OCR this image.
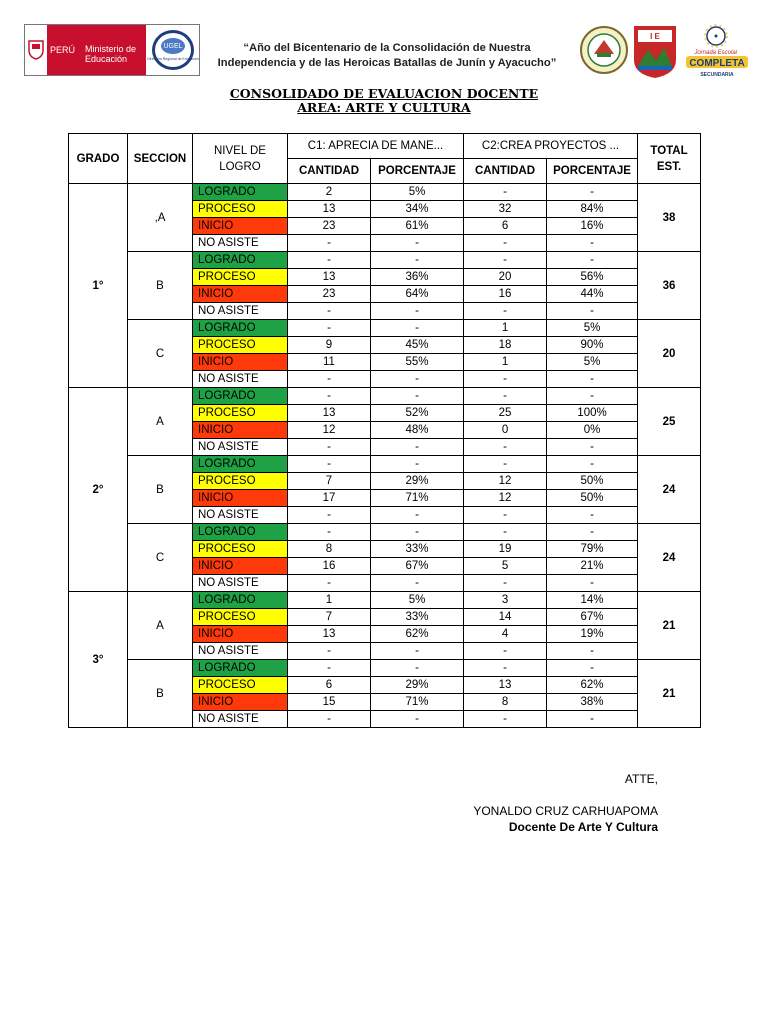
PERÚ	Ministerio de Educación
UGEL
Dirección Regional de Educación
“Año del Bicentenario de la Consolidación de Nuestra Independencia y de las Heroicas Batallas de Junín y Ayacucho”
I E
Jornada Escolar
COMPLETA
SECUNDARIA
CONSOLIDADO DE EVALUACION DOCENTE
AREA: ARTE Y CULTURA
GRADO	SECCION	NIVEL DE LOGRO	C1: APRECIA DE MANE...		C2:CREA PROYECTOS ...		TOTAL EST.
			CANTIDAD	PORCENTAJE	CANTIDAD	PORCENTAJE	
1°	,A	LOGRADO	2	5%	-	-	38
		PROCESO	13	34%	32	84%	
		INICIO	23	61%	6	16%	
		NO ASISTE	-	-	-	-	
	B	LOGRADO	-	-	-	-	36
		PROCESO	13	36%	20	56%	
		INICIO	23	64%	16	44%	
		NO ASISTE	-	-	-	-	
	C	LOGRADO	-	-	1	5%	20
		PROCESO	9	45%	18	90%	
		INICIO	11	55%	1	5%	
		NO ASISTE	-	-	-	-	
2°	A	LOGRADO	-	-	-	-	25
		PROCESO	13	52%	25	100%	
		INICIO	12	48%	0	0%	
		NO ASISTE	-	-	-	-	
	B	LOGRADO	-	-	-	-	24
		PROCESO	7	29%	12	50%	
		INICIO	17	71%	12	50%	
		NO ASISTE	-	-	-	-	
	C	LOGRADO	-	-	-	-	24
		PROCESO	8	33%	19	79%	
		INICIO	16	67%	5	21%	
		NO ASISTE	-	-	-	-	
3°	A	LOGRADO	1	5%	3	14%	21
		PROCESO	7	33%	14	67%	
		INICIO	13	62%	4	19%	
		NO ASISTE	-	-	-	-	
	B	LOGRADO	-	-	-	-	21
		PROCESO	6	29%	13	62%	
		INICIO	15	71%	8	38%	
		NO ASISTE	-	-	-	-	
ATTE,
YONALDO CRUZ CARHUAPOMA
Docente De Arte Y Cultura
